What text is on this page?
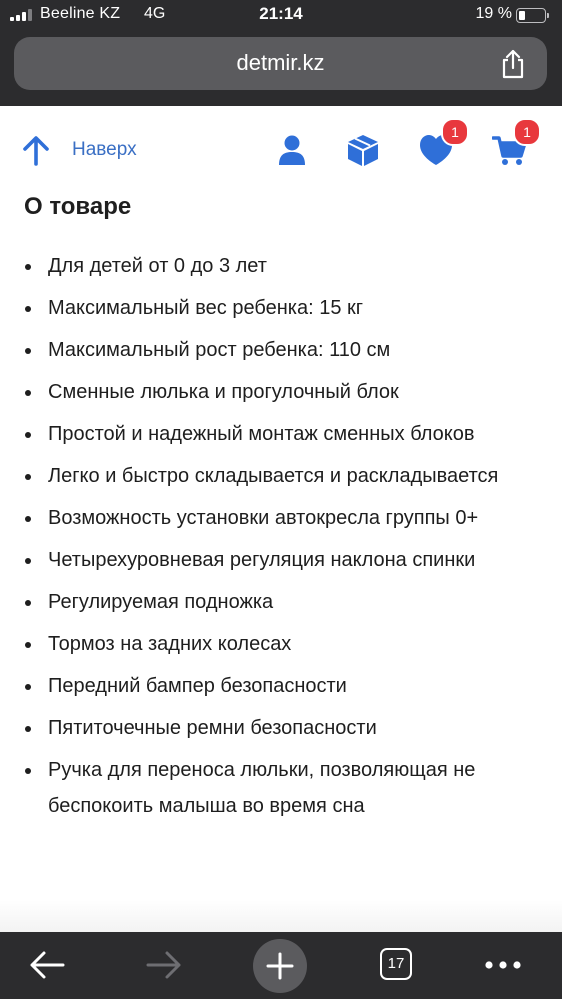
Beeline KZ 4G	21:14	19 %
detmir.kz
Наверх
1	1
О товаре
Для детей от 0 до 3 лет
Максимальный вес ребенка: 15 кг
Максимальный рост ребенка: 110 см
Сменные люлька и прогулочный блок
Простой и надежный монтаж сменных блоков
Легко и быстро складывается и раскладывается
Возможность установки автокресла группы 0+
Четырехуровневая регуляция наклона спинки
Регулируемая подножка
Тормоз на задних колесах
Передний бампер безопасности
Пятиточечные ремни безопасности
Ручка для переноса люльки, позволяющая не беспокоить малыша во время сна
17
